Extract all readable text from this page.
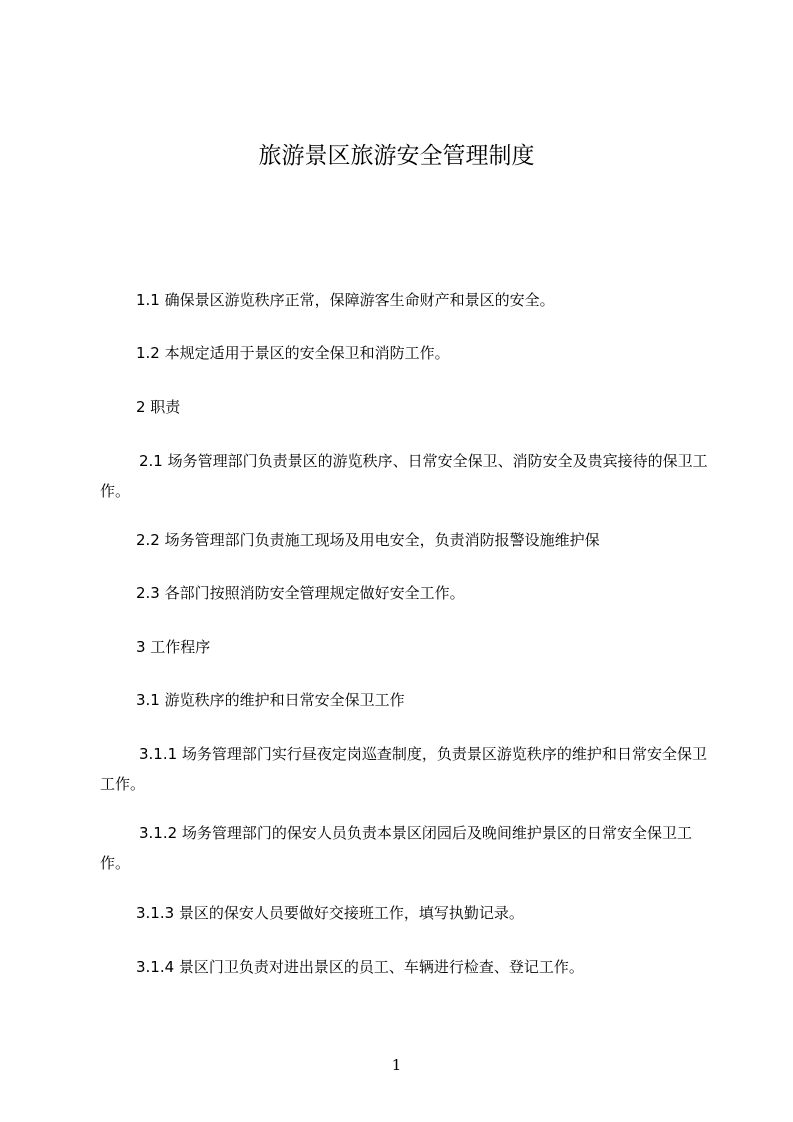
旅游景区旅游安全管理制度
1.1 确保景区游览秩序正常，保障游客生命财产和景区的安全。
1.2 本规定适用于景区的安全保卫和消防工作。
2 职责
2.1 场务管理部门负责景区的游览秩序、日常安全保卫、消防安全及贵宾接待的保卫工作。
2.2 场务管理部门负责施工现场及用电安全，负责消防报警设施维护保
2.3 各部门按照消防安全管理规定做好安全工作。
3 工作程序
3.1 游览秩序的维护和日常安全保卫工作
3.1.1 场务管理部门实行昼夜定岗巡查制度，负责景区游览秩序的维护和日常安全保卫工作。
3.1.2 场务管理部门的保安人员负责本景区闭园后及晚间维护景区的日常安全保卫工作。
3.1.3 景区的保安人员要做好交接班工作，填写执勤记录。
3.1.4 景区门卫负责对进出景区的员工、车辆进行检查、登记工作。
1
